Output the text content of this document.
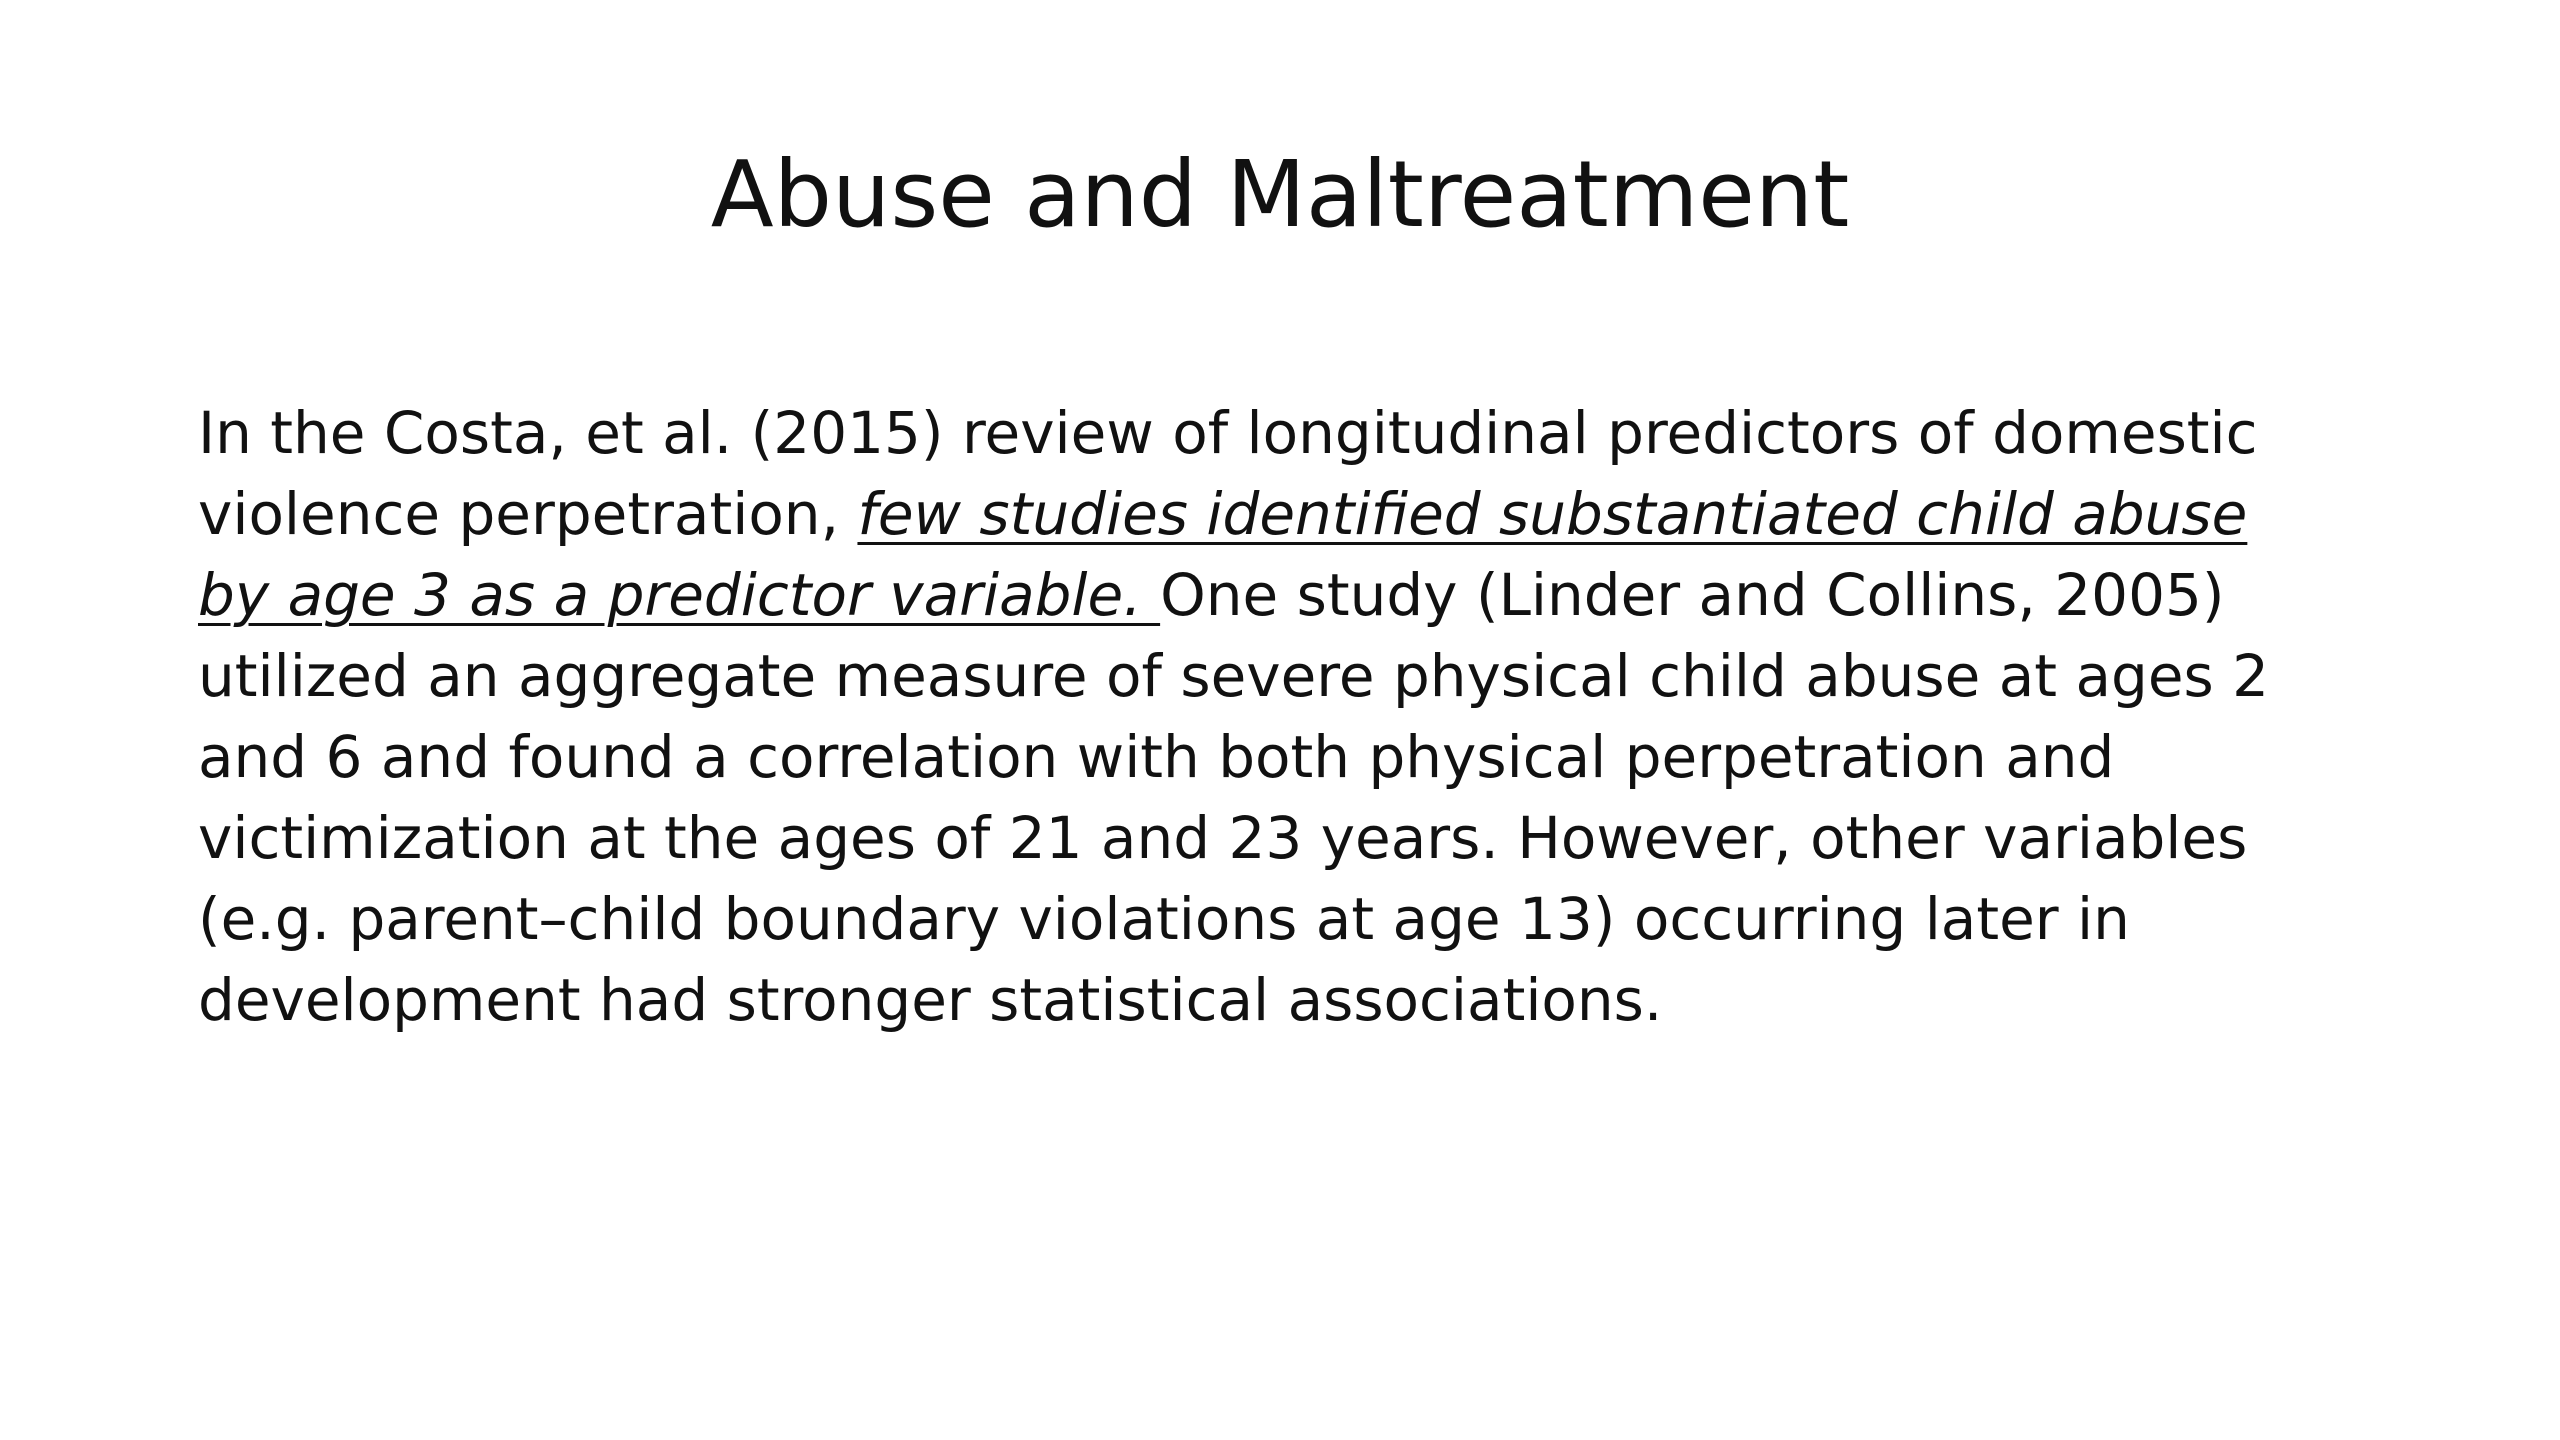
Abuse and Maltreatment
In the Costa, et al. (2015) review of longitudinal predictors of domestic
violence perpetration, few studies identified substantiated child abuse
by age 3 as a predictor variable. One study (Linder and Collins, 2005)
utilized an aggregate measure of severe physical child abuse at ages 2
and 6 and found a correlation with both physical perpetration and
victimization at the ages of 21 and 23 years. However, other variables
(e.g. parent–child boundary violations at age 13) occurring later in
development had stronger statistical associations.
